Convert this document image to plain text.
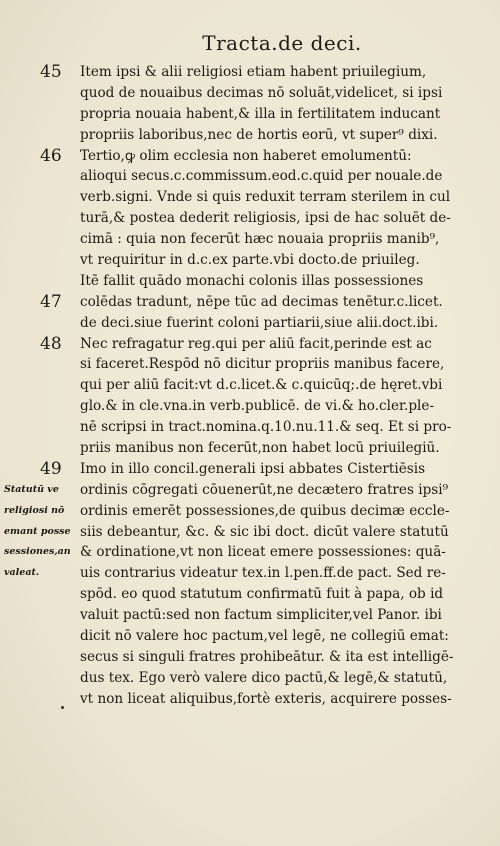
Tracta.de deci.
45 Item ipsi & alii religiosi etiam habent priuilegium,
quod de nouaibus decimas nō soluāt,videlicet, si ipsi
propria nouaia habent,& illa in fertilitatem inducant
propriis laboribus,nec de hortis eorū, vt super⁹ dixi.
46 Tertio,ꝙ olim ecclesia non haberet emolumentū:
alioqui secus.c.commissum.eod.c.quid per nouale.de
verb.signi. Vnde si quis reduxit terram sterilem in cul
turā,& postea dederit religiosis, ipsi de hac soluēt de-
cimā : quia non fecerūt hæc nouaia propriis manib⁹,
vt requiritur in d.c.ex parte.vbi docto.de priuileg.
Itē fallit quādo monachi colonis illas possessiones
47 colēdas tradunt, nēpe tūc ad decimas tenētur.c.licet.
de deci.siue fuerint coloni partiarii,siue alii.doct.ibi.
48 Nec refragatur reg.qui per aliū facit,perinde est ac
si faceret.Respōd nō dicitur propriis manibus facere,
qui per aliū facit:vt d.c.licet.& c.quicūq;.de hęret.vbi
glo.& in cle.vna.in verb.publicē. de vi.& ho.cler.ple-
nē scripsi in tract.nomina.q.10.nu.11.& seq. Et si pro-
priis manibus non fecerūt,non habet locū priuilegiū.
49 Imo in illo concil.generali ipsi abbates Cistertiēsis
Statutū ve ordinis cōgregati cōuenerūt,ne decætero fratres ipsi⁹
religiosi nō ordinis emerēt possessiones,de quibus decimæ eccle-
emant posse siis debeantur, &c. & sic ibi doct. dicūt valere statutū
sessiones,an & ordinatione,vt non liceat emere possessiones: quā-
valeat.	uis contrarius videatur tex.in l.pen.ff.de pact. Sed re-
spōd. eo quod statutum confirmatū fuit à papa, ob id
valuit pactū:sed non factum simpliciter,vel Panor. ibi
dicit nō valere hoc pactum,vel legē, ne collegiū emat:
secus si singuli fratres prohibeātur. & ita est intelligē-
dus tex. Ego verò valere dico pactū,& legē,& statutū,
vt non liceat aliquibus,fortè exteris, acquirere posses-
